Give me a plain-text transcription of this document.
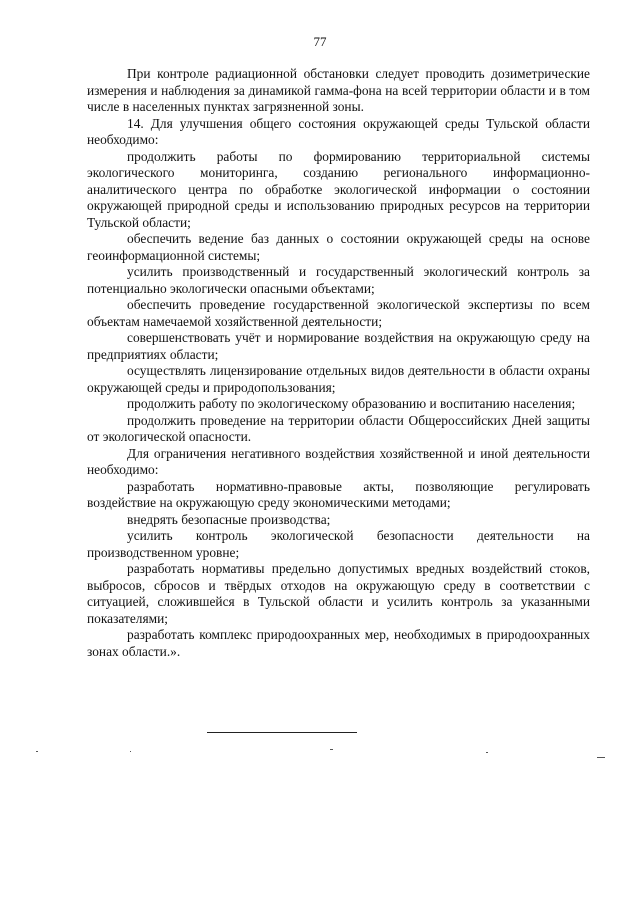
77

При контроле радиационной обстановки следует проводить дозиметрические измерения и наблюдения за динамикой гамма-фона на всей территории области и в том числе в населенных пунктах загрязненной зоны.

14. Для улучшения общего состояния окружающей среды Тульской области необходимо:

продолжить работы по формированию территориальной системы экологического мониторинга, созданию регионального информационно-аналитического центра по обработке экологической информации о состоянии окружающей природной среды и использованию природных ресурсов на территории Тульской области;

обеспечить ведение баз данных о состоянии окружающей среды на основе геоинформационной системы;

усилить производственный и государственный экологический контроль за потенциально экологически опасными объектами;

обеспечить проведение государственной экологической экспертизы по всем объектам намечаемой хозяйственной деятельности;

совершенствовать учёт и нормирование воздействия на окружающую среду на предприятиях области;

осуществлять лицензирование отдельных видов деятельности в области охраны окружающей среды и природопользования;

продолжить работу по экологическому образованию и воспитанию населения;

продолжить проведение на территории области Общероссийских Дней защиты от экологической опасности.

Для ограничения негативного воздействия хозяйственной и иной деятельности необходимо:

разработать нормативно-правовые акты, позволяющие регулировать воздействие на окружающую среду экономическими методами;

внедрять безопасные производства;

усилить контроль экологической безопасности деятельности на производственном уровне;

разработать нормативы предельно допустимых вредных воздействий стоков, выбросов, сбросов и твёрдых отходов на окружающую среду в соответствии с ситуацией, сложившейся в Тульской области и усилить контроль за указанными показателями;

разработать комплекс природоохранных мер, необходимых в природоохранных зонах области.».
